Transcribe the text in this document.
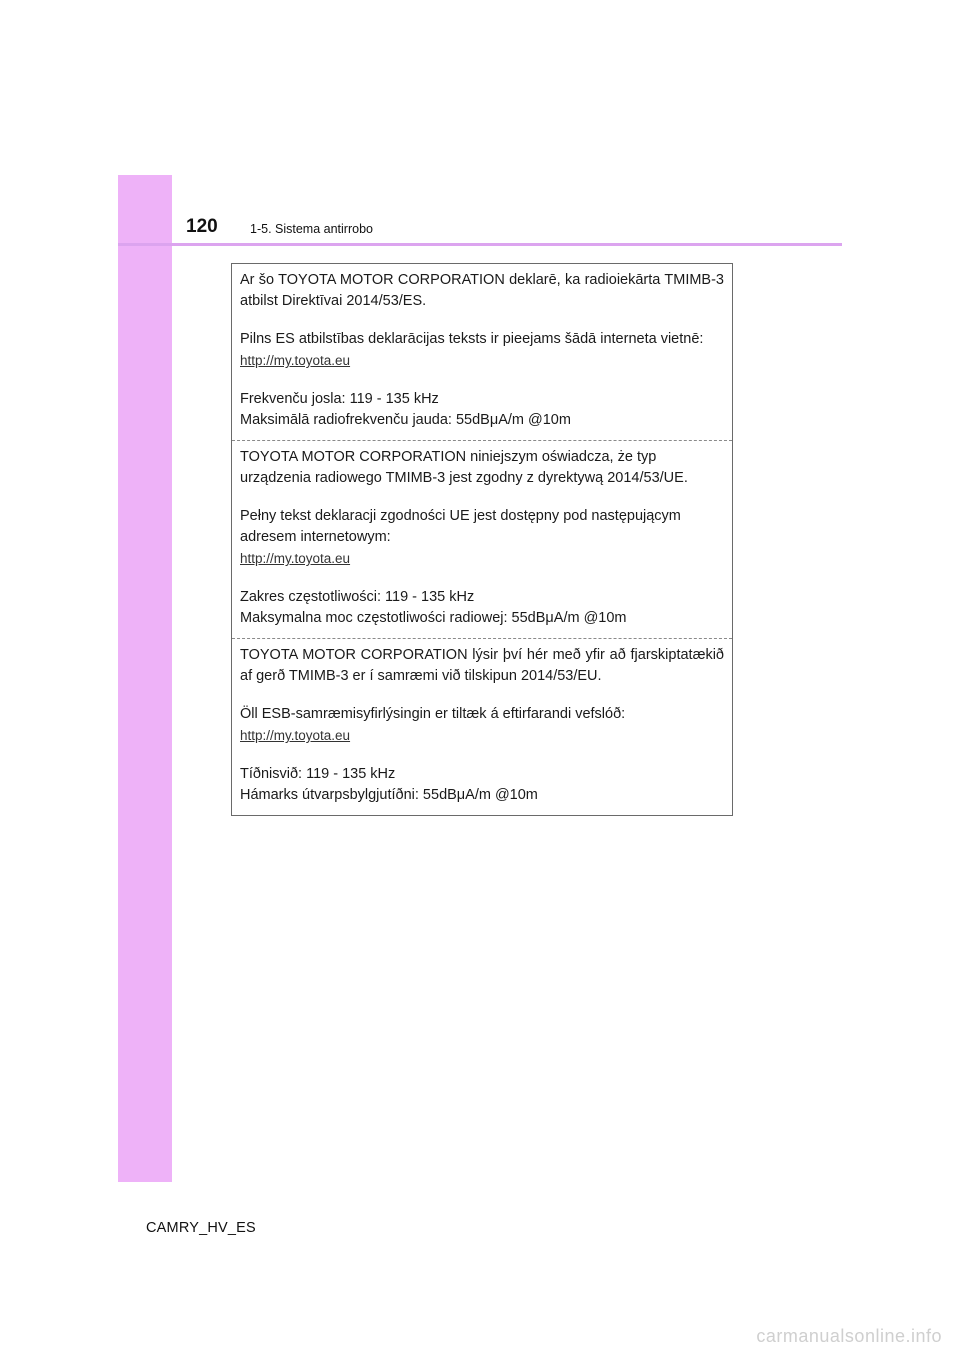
120	1-5. Sistema antirrobo

Ar šo TOYOTA MOTOR CORPORATION deklarē, ka radioiekārta TMIMB-3 atbilst Direktīvai 2014/53/ES.

Pilns ES atbilstības deklarācijas teksts ir pieejams šādā interneta vietnē:

http://my.toyota.eu

Frekvenču josla: 119 - 135 kHz

Maksimālā radiofrekvenču jauda: 55dBμA/m @10m

TOYOTA MOTOR CORPORATION niniejszym oświadcza, że typ urządzenia radiowego TMIMB-3 jest zgodny z dyrektywą 2014/53/UE.

Pełny tekst deklaracji zgodności UE jest dostępny pod następującym adresem internetowym:

http://my.toyota.eu

Zakres częstotliwości: 119 - 135 kHz

Maksymalna moc częstotliwości radiowej: 55dBμA/m @10m

TOYOTA MOTOR CORPORATION lýsir því hér með yfir að fjarskiptatækið af gerð TMIMB-3 er í samræmi við tilskipun 2014/53/EU.

Öll ESB-samræmisyfirlýsingin er tiltæk á eftirfarandi vefslóð:

http://my.toyota.eu

Tíðnisvið: 119 - 135 kHz

Hámarks útvarpsbylgjutíðni: 55dBμA/m @10m

CAMRY_HV_ES
carmanualsonline.info
